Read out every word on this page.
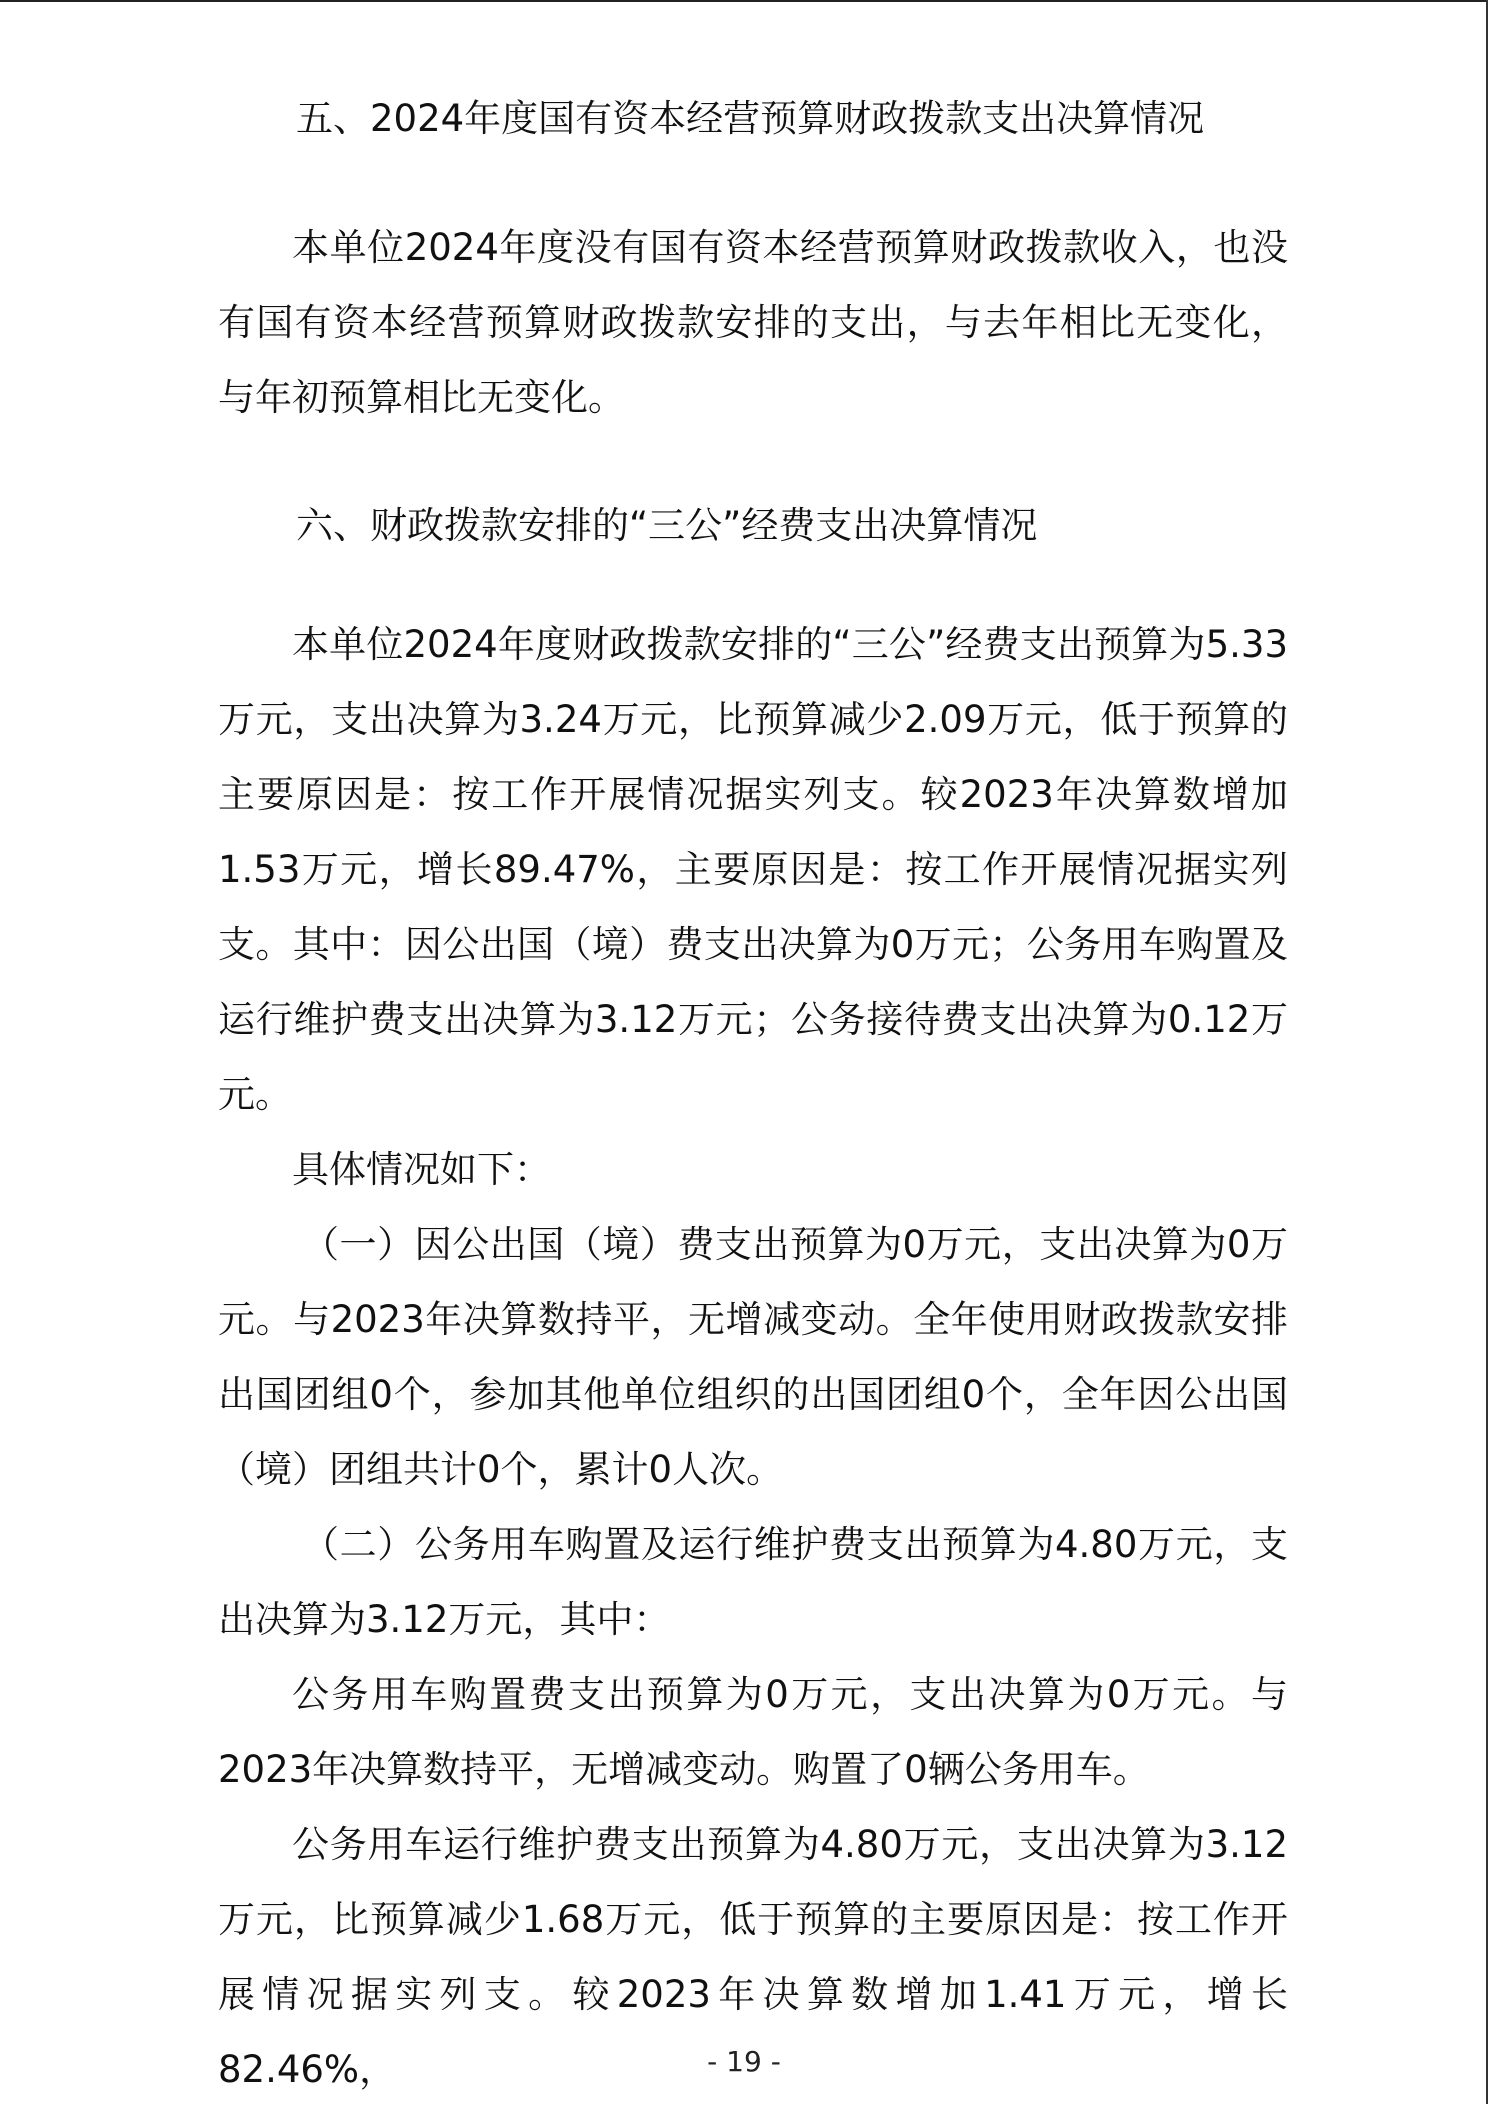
五、2024年度国有资本经营预算财政拨款支出决算情况

本单位2024年度没有国有资本经营预算财政拨款收入，也没有国有资本经营预算财政拨款安排的支出，与去年相比无变化，与年初预算相比无变化。

六、财政拨款安排的“三公”经费支出决算情况

本单位2024年度财政拨款安排的“三公”经费支出预算为5.33万元，支出决算为3.24万元，比预算减少2.09万元，低于预算的主要原因是：按工作开展情况据实列支。较2023年决算数增加1.53万元，增长89.47%，主要原因是：按工作开展情况据实列支。其中：因公出国（境）费支出决算为0万元；公务用车购置及运行维护费支出决算为3.12万元；公务接待费支出决算为0.12万元。

具体情况如下：

（一）因公出国（境）费支出预算为0万元，支出决算为0万元。与2023年决算数持平，无增减变动。全年使用财政拨款安排出国团组0个，参加其他单位组织的出国团组0个，全年因公出国（境）团组共计0个，累计0人次。

（二）公务用车购置及运行维护费支出预算为4.80万元，支出决算为3.12万元，其中：

公务用车购置费支出预算为0万元，支出决算为0万元。与2023年决算数持平，无增减变动。购置了0辆公务用车。

公务用车运行维护费支出预算为4.80万元，支出决算为3.12万元，比预算减少1.68万元，低于预算的主要原因是：按工作开展情况据实列支。较2023年决算数增加1.41万元，增长82.46%，	- 19 -
